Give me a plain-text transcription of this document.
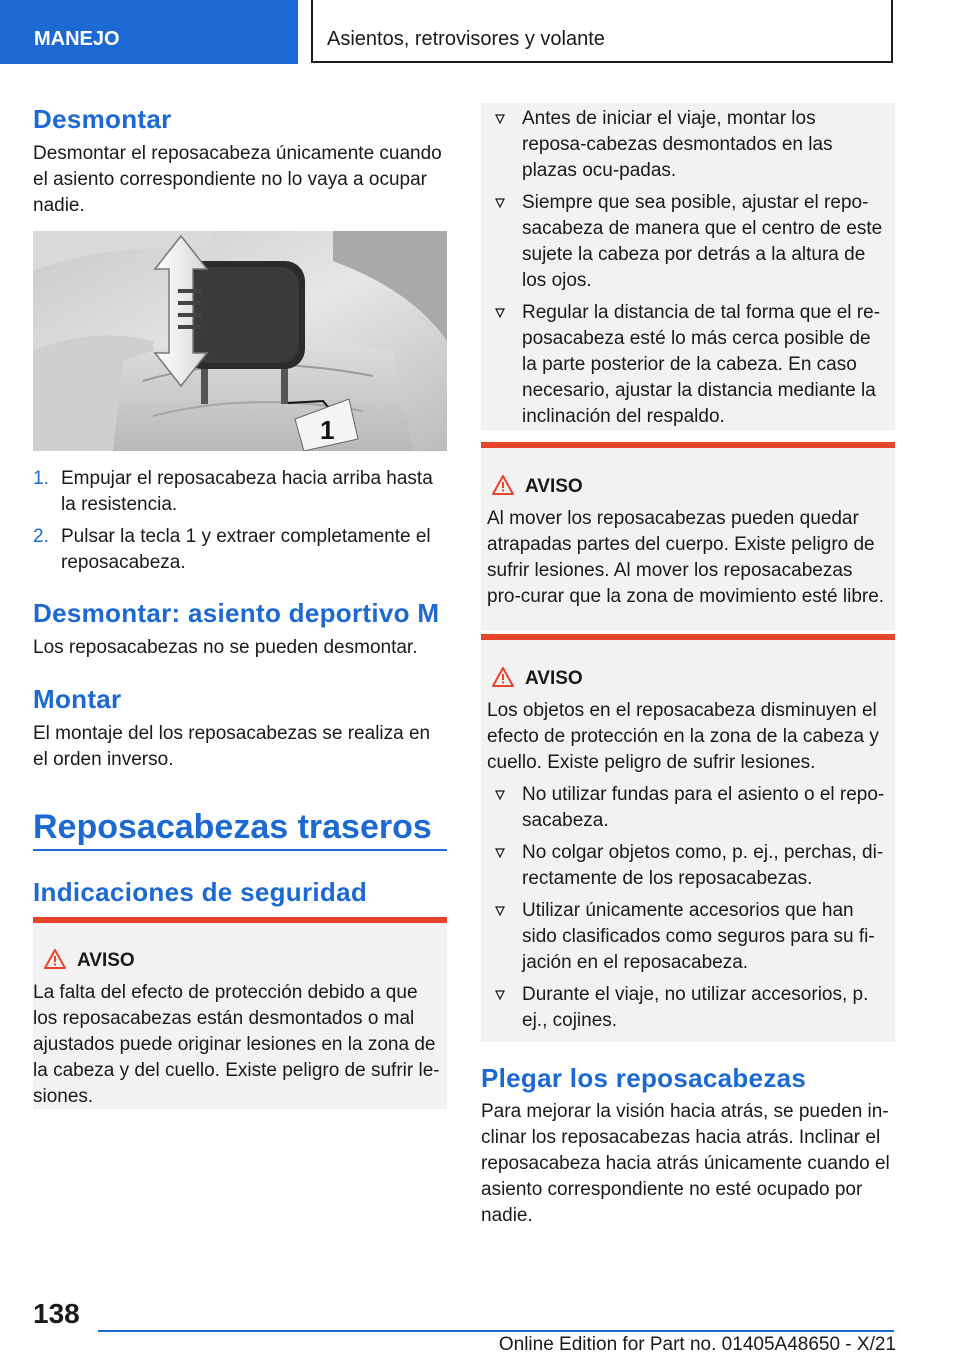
MANEJO	Asientos, retrovisores y volante
Desmontar

Desmontar el reposacabeza únicamente cuando el asiento correspondiente no lo vaya a ocupar nadie.

1
1. Empujar el reposacabeza hacia arriba hasta la resistencia.
2. Pulsar la tecla 1 y extraer completamente el reposacabeza.
Desmontar: asiento deportivo M

Los reposacabezas no se pueden desmontar.

Montar

El montaje del los reposacabezas se realiza en el orden inverso.

Reposacabezas traseros
Indicaciones de seguridad
AVISO

La falta del efecto de protección debido a que los reposacabezas están desmontados o mal ajustados puede originar lesiones en la zona de la cabeza y del cuello. Existe peligro de sufrir le-siones.

Antes de iniciar el viaje, montar los reposa-cabezas desmontados en las plazas ocu-padas.
Siempre que sea posible, ajustar el repo-sacabeza de manera que el centro de este sujete la cabeza por detrás a la altura de los ojos.
Regular la distancia de tal forma que el re-posacabeza esté lo más cerca posible de la parte posterior de la cabeza. En caso necesario, ajustar la distancia mediante la inclinación del respaldo.
AVISO

Al mover los reposacabezas pueden quedar atrapadas partes del cuerpo. Existe peligro de sufrir lesiones. Al mover los reposacabezas pro-curar que la zona de movimiento esté libre.

AVISO

Los objetos en el reposacabeza disminuyen el efecto de protección en la zona de la cabeza y cuello. Existe peligro de sufrir lesiones.

No utilizar fundas para el asiento o el repo-sacabeza.
No colgar objetos como, p. ej., perchas, di-rectamente de los reposacabezas.
Utilizar únicamente accesorios que han sido clasificados como seguros para su fi-jación en el reposacabeza.
Durante el viaje, no utilizar accesorios, p. ej., cojines.
Plegar los reposacabezas

Para mejorar la visión hacia atrás, se pueden in-clinar los reposacabezas hacia atrás. Inclinar el reposacabeza hacia atrás únicamente cuando el asiento correspondiente no esté ocupado por nadie.

138
Online Edition for Part no. 01405A48650 - X/21
